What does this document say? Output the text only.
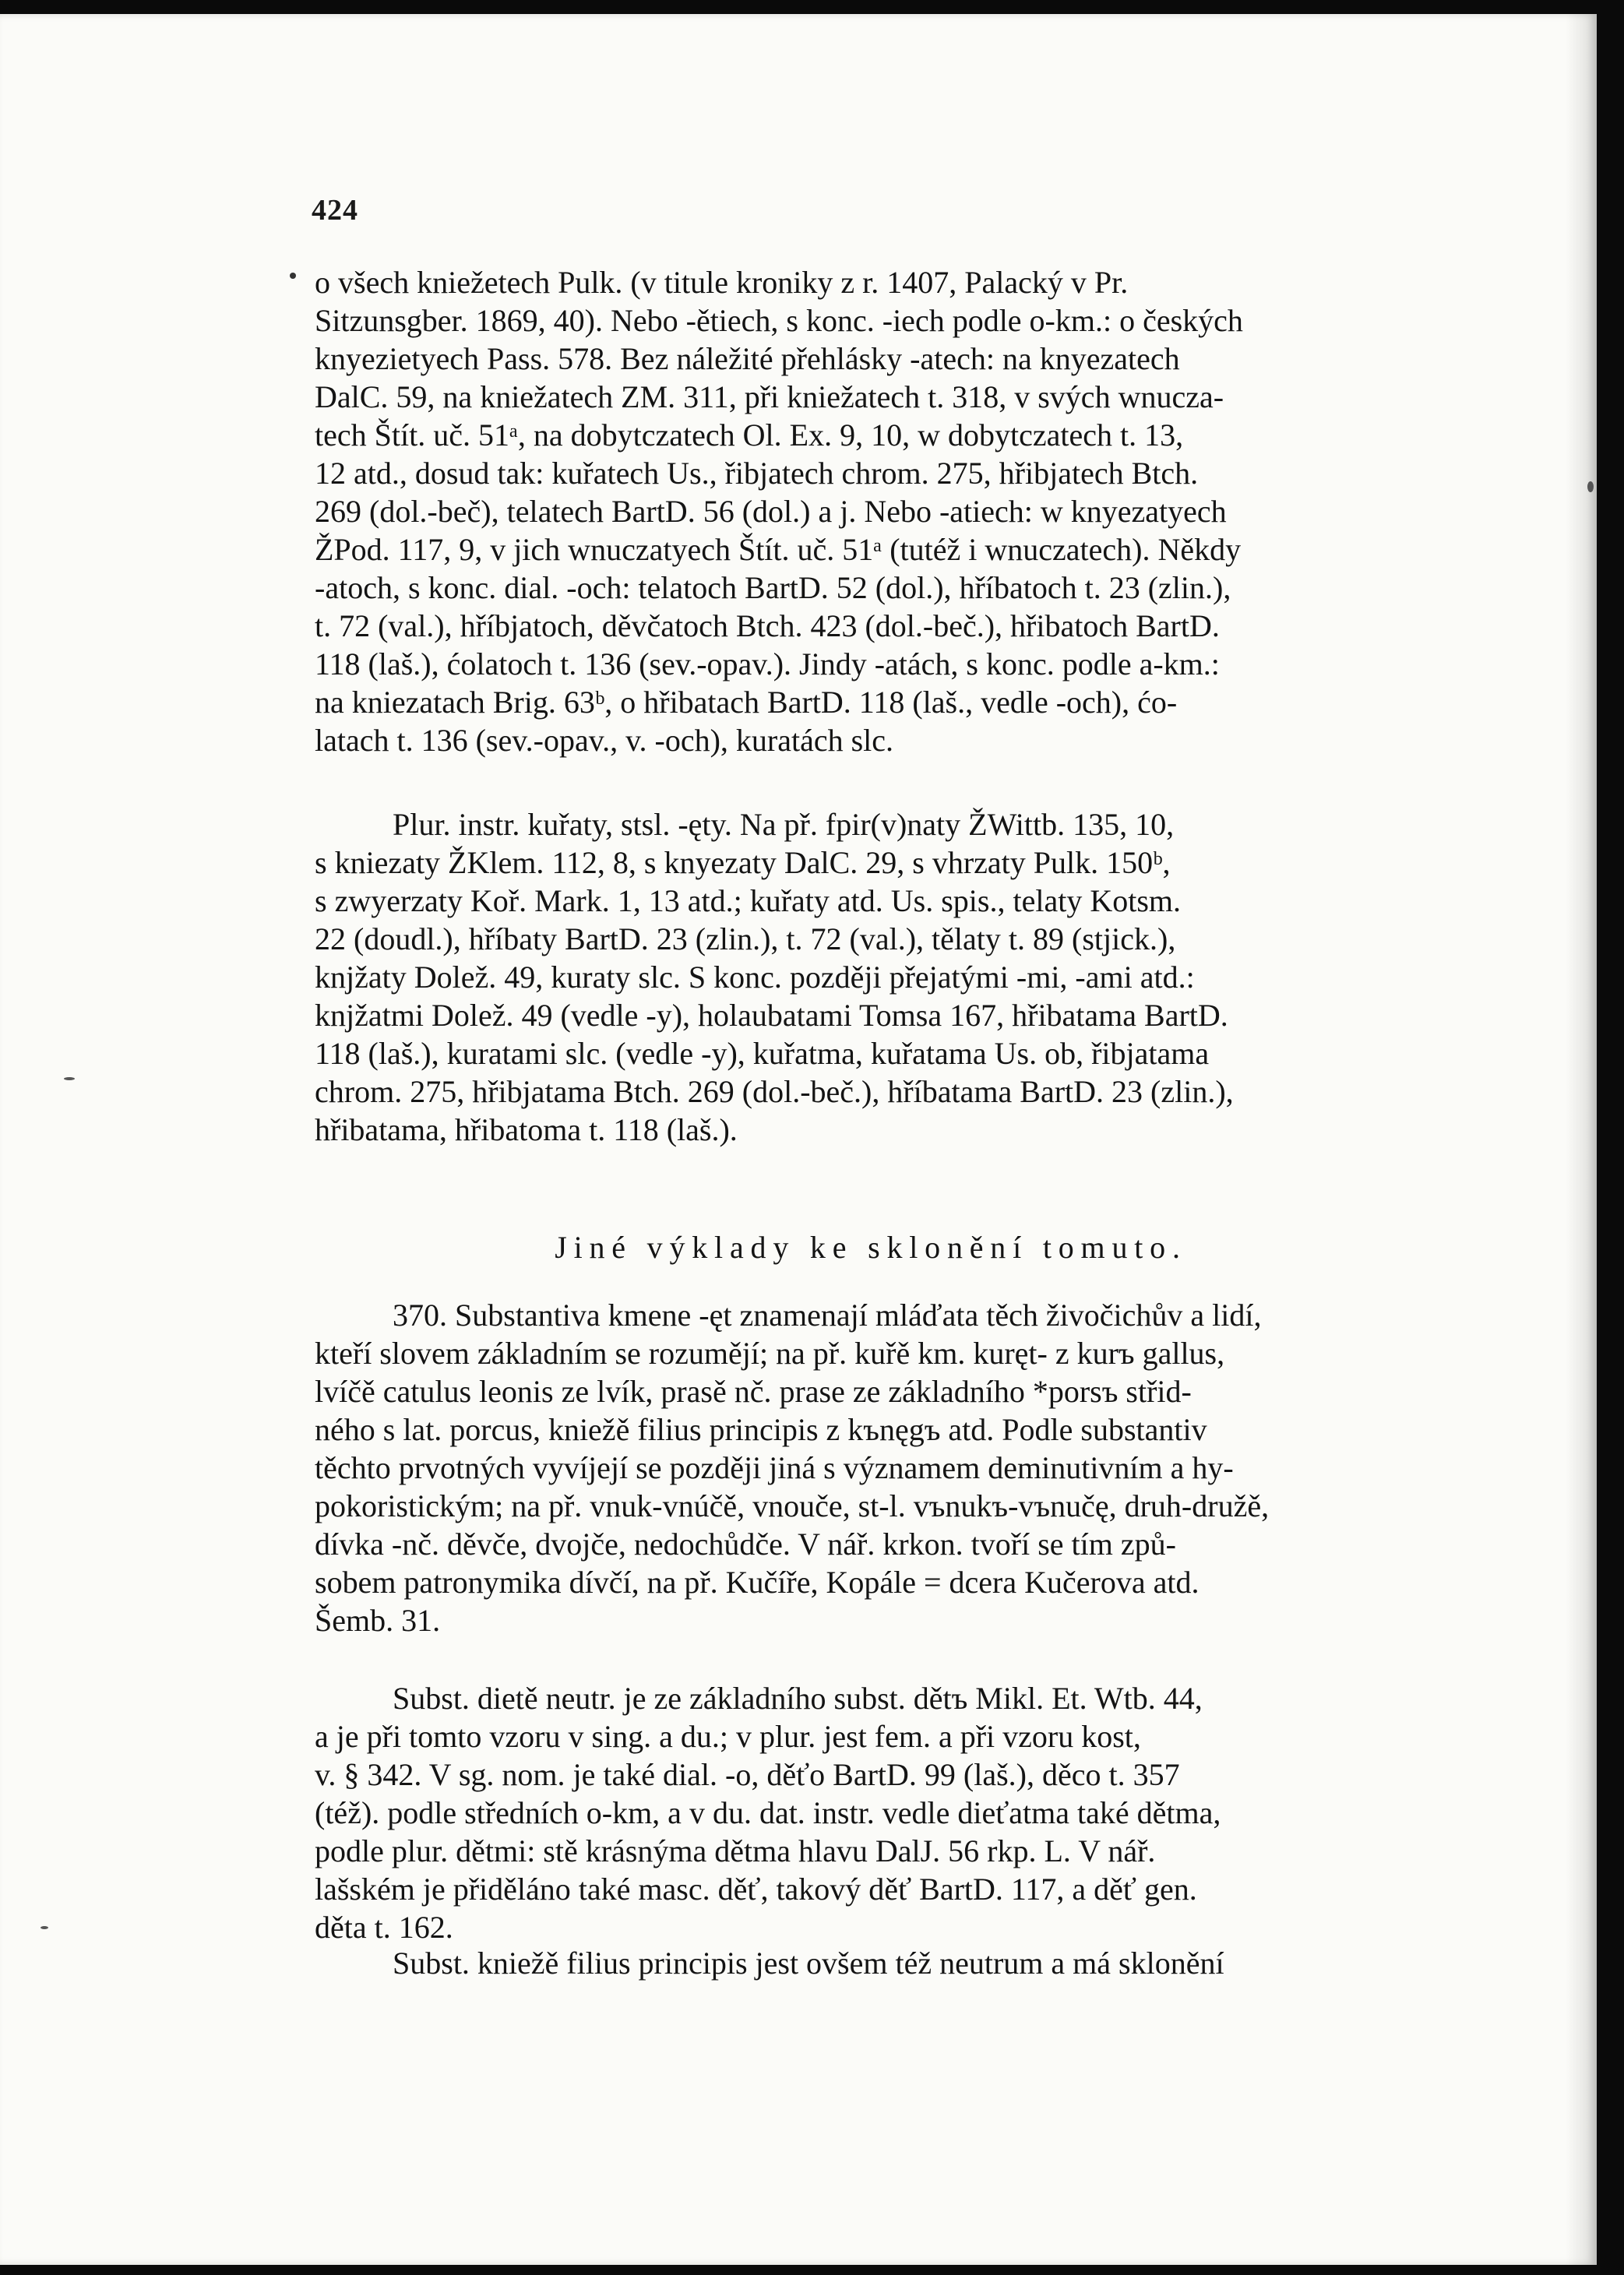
424
o všech kniežetech Pulk. (v titule kroniky z r. 1407, Palacký v Pr.
Sitzunsgber. 1869, 40). Nebo -ětiech, s konc. -iech podle o-km.: o českých
knyezietyech Pass. 578. Bez náležité přehlásky -atech: na knyezatech
DalC. 59, na kniežatech ZM. 311, při kniežatech t. 318, v svých wnucza-
tech Štít. uč. 51ᵃ, na dobytczatech Ol. Ex. 9, 10, w dobytczatech t. 13,
12 atd., dosud tak: kuřatech Us., řibjatech chrom. 275, hřibjatech Btch.
269 (dol.-beč), telatech BartD. 56 (dol.) a j. Nebo -atiech: w knyezatyech
ŽPod. 117, 9, v jich wnuczatyech Štít. uč. 51ᵃ (tutéž i wnuczatech). Někdy
-atoch, s konc. dial. -och: telatoch BartD. 52 (dol.), hříbatoch t. 23 (zlin.),
t. 72 (val.), hříbjatoch, děvčatoch Btch. 423 (dol.-beč.), hřibatoch BartD.
118 (laš.), ćolatoch t. 136 (sev.-opav.). Jindy -atách, s konc. podle a-km.:
na kniezatach Brig. 63ᵇ, o hřibatach BartD. 118 (laš., vedle -och), ćo-
latach t. 136 (sev.-opav., v. -och), kuratách slc.
Plur. instr. kuřaty, stsl. -ęty. Na př. fpir(v)naty ŽWittb. 135, 10,
s kniezaty ŽKlem. 112, 8, s knyezaty DalC. 29, s vhrzaty Pulk. 150ᵇ,
s zwyerzaty Koř. Mark. 1, 13 atd.; kuřaty atd. Us. spis., telaty Kotsm.
22 (doudl.), hříbaty BartD. 23 (zlin.), t. 72 (val.), tělaty t. 89 (stjick.),
knjžaty Dolež. 49, kuraty slc. S konc. později přejatými -mi, -ami atd.:
knjžatmi Dolež. 49 (vedle -y), holaubatami Tomsa 167, hřibatama BartD.
118 (laš.), kuratami slc. (vedle -y), kuřatma, kuřatama Us. ob, řibjatama
chrom. 275, hřibjatama Btch. 269 (dol.-beč.), hříbatama BartD. 23 (zlin.),
hřibatama, hřibatoma t. 118 (laš.).
Jiné výklady ke sklonění tomuto.
370. Substantiva kmene -ęt znamenají mláďata těch živočichův a lidí,
kteří slovem základním se rozumějí; na př. kuřě km. kuręt- z kurъ gallus,
lvíčě catulus leonis ze lvík, prasě nč. prase ze základního *porsъ střid-
ného s lat. porcus, kniežě filius principis z kъnęgъ atd. Podle substantiv
těchto prvotných vyvíjejí se později jiná s významem deminutivním a hy-
pokoristickým; na př. vnuk-vnúčě, vnouče, st-l. vъnukъ-vъnučę, druh-družě,
dívka -nč. děvče, dvojče, nedochůdče. V nář. krkon. tvoří se tím způ-
sobem patronymika dívčí, na př. Kučíře, Kopále = dcera Kučerova atd.
Šemb. 31.
Subst. dietě neutr. je ze základního subst. dětъ Mikl. Et. Wtb. 44,
a je při tomto vzoru v sing. a du.; v plur. jest fem. a při vzoru kost,
v. § 342. V sg. nom. je také dial. -o, děťo BartD. 99 (laš.), děco t. 357
(též). podle středních o-km, a v du. dat. instr. vedle dieťatma také dětma,
podle plur. dětmi: stě krásnýma dětma hlavu DalJ. 56 rkp. L. V nář.
lašském je přiděláno také masc. děť, takový děť BartD. 117, a děť gen.
děta t. 162.
Subst. kniežě filius principis jest ovšem též neutrum a má sklonění
